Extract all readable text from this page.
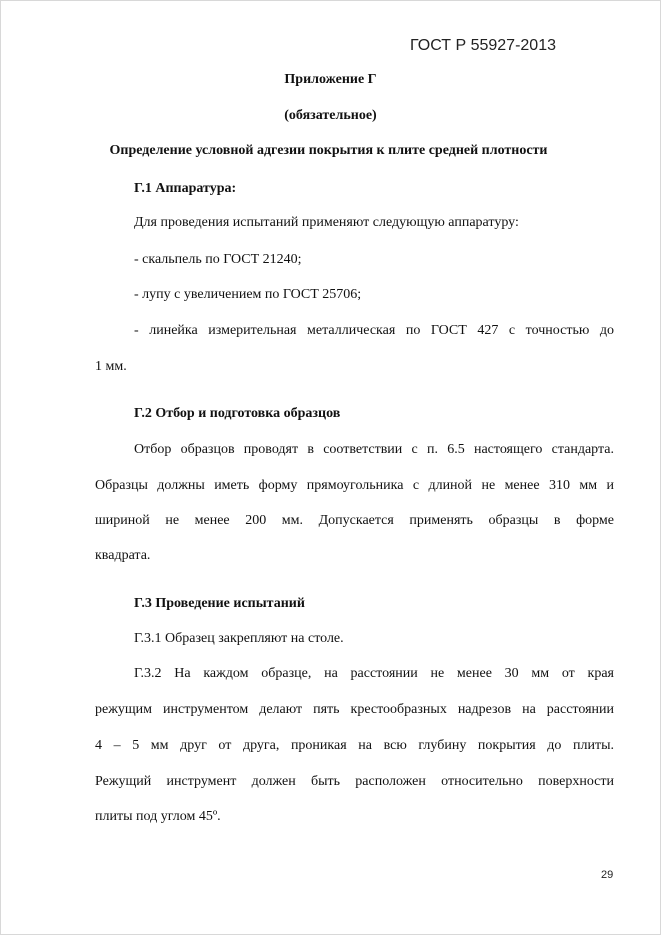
ГОСТ Р 55927-2013
Приложение Г
(обязательное)
Определение условной адгезии покрытия к плите средней плотности
Г.1 Аппаратура:
Для проведения испытаний применяют следующую аппаратуру:
- скальпель по ГОСТ 21240;
- лупу с увеличением по ГОСТ 25706;
- линейка измерительная металлическая по ГОСТ 427 с точностью до
1 мм.
Г.2 Отбор и подготовка образцов
Отбор образцов проводят в соответствии с п. 6.5 настоящего стандарта.
Образцы должны иметь форму прямоугольника с длиной не менее 310 мм и
шириной не менее 200 мм. Допускается применять образцы в форме
квадрата.
Г.3 Проведение испытаний
Г.3.1 Образец закрепляют на столе.
Г.3.2 На каждом образце, на расстоянии не менее 30 мм от края
режущим инструментом делают пять крестообразных надрезов на расстоянии
4 – 5 мм друг от друга, проникая на всю глубину покрытия до плиты.
Режущий инструмент должен быть расположен относительно поверхности
плиты под углом 45º.
29
